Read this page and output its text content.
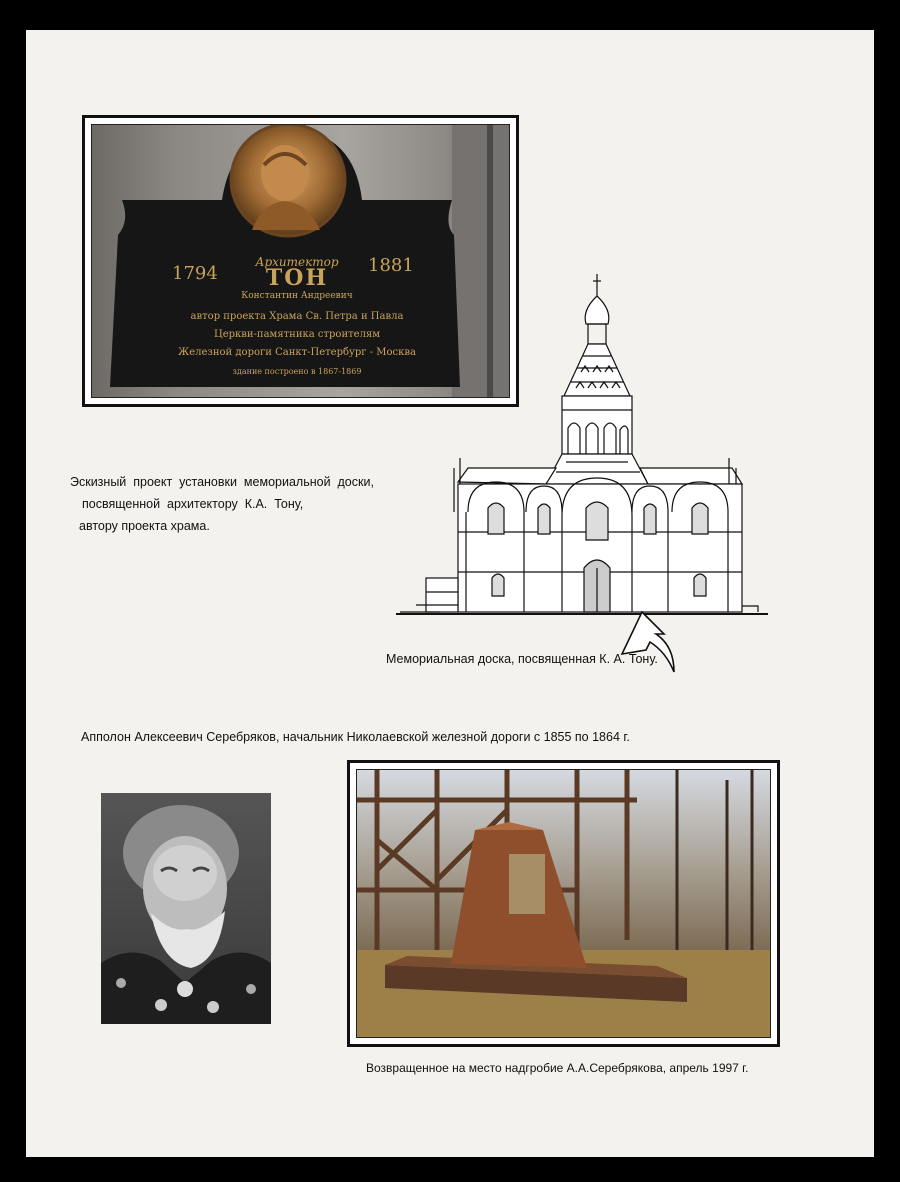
Архитектор
1794	ТОН	1881
Константин Андреевич
автор проекта Храма Св. Петра и Павла
Церкви-памятника строителям
Железной дороги Санкт-Петербург - Москва
здание построено в 1867-1869
Эскизный  проект  установки  мемориальной  доски,
посвященной  архитектору  К.А.  Тону,
автору проекта храма.
Мемориальная доска, посвященная К. А. Тону.
Апполон Алексеевич Серебряков, начальник Николаевской железной дороги с 1855 по 1864 г.
Возвращенное на место надгробие А.А.Серебрякова, апрель 1997 г.
